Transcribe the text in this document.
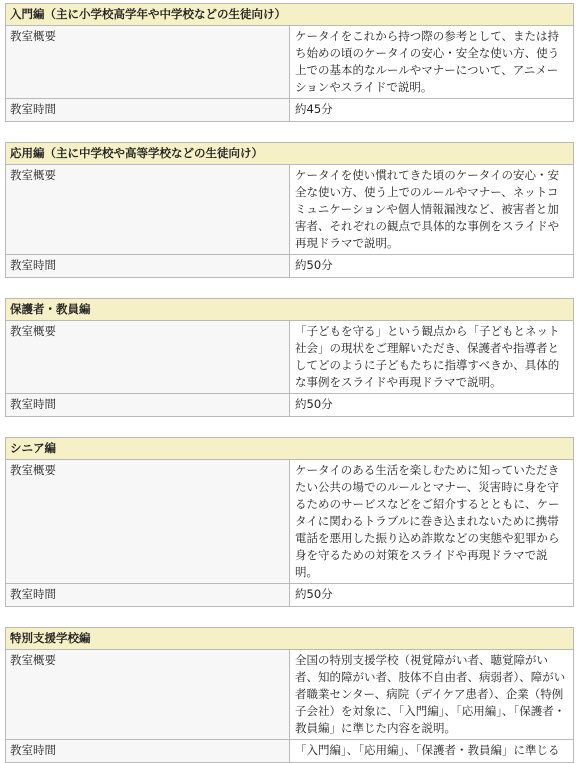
入門編（主に小学校高学年や中学校などの生徒向け）	
教室概要	ケータイをこれから持つ際の参考として、または持ち始めの頃のケータイの安心・安全な使い方、使う上での基本的なルールやマナーについて、アニメーションやスライドで説明。
教室時間	約45分
応用編（主に中学校や高等学校などの生徒向け）	
教室概要	ケータイを使い慣れてきた頃のケータイの安心・安全な使い方、使う上でのルールやマナー、ネットコミュニケーションや個人情報漏洩など、被害者と加害者、それぞれの観点で具体的な事例をスライドや再現ドラマで説明。
教室時間	約50分
保護者・教員編	
教室概要	「子どもを守る」という観点から「子どもとネット社会」の現状をご理解いただき、保護者や指導者としてどのように子どもたちに指導すべきか、具体的な事例をスライドや再現ドラマで説明。
教室時間	約50分
シニア編	
教室概要	ケータイのある生活を楽しむために知っていただきたい公共の場でのルールとマナー、災害時に身を守るためのサービスなどをご紹介するとともに、ケータイに関わるトラブルに巻き込まれないために携帯電話を悪用した振り込め詐欺などの実態や犯罪から身を守るための対策をスライドや再現ドラマで説明。
教室時間	約50分
特別支援学校編	
教室概要	全国の特別支援学校（視覚障がい者、聴覚障がい者、知的障がい者、肢体不自由者、病弱者）、障がい者職業センター、病院（デイケア患者）、企業（特例子会社）を対象に、「入門編」、「応用編」、「保護者・教員編」に準じた内容を説明。
教室時間	「入門編」、「応用編」、「保護者・教員編」に準じる
